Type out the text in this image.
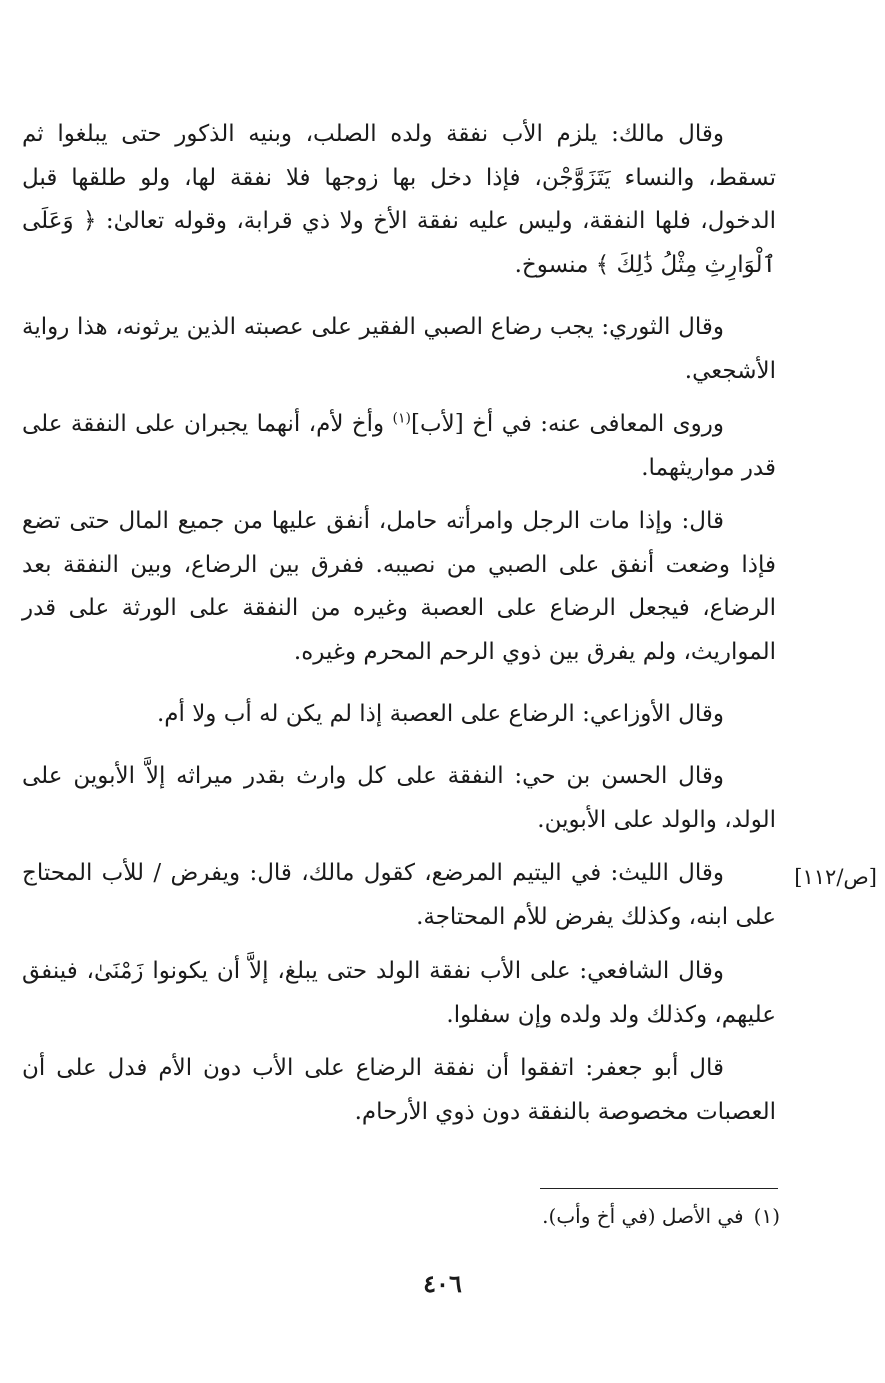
وقال مالك: يلزم الأب نفقة ولده الصلب، وبنيه الذكور حتى يبلغوا ثم تسقط، والنساء يَتَزَوَّجْن، فإذا دخل بها زوجها فلا نفقة لها، ولو طلقها قبل الدخول، فلها النفقة، وليس عليه نفقة الأخ ولا ذي قرابة، وقوله تعالىٰ: ﴿ وَعَلَى ٱلْوَارِثِ مِثْلُ ذَٰلِكَ ﴾ منسوخ.

وقال الثوري: يجب رضاع الصبي الفقير على عصبته الذين يرثونه، هذا رواية الأشجعي.

وروى المعافى عنه: في أخ [لأب]$^{(١)}$ وأخ لأم، أنهما يجبران على النفقة على قدر مواريثهما.

قال: وإذا مات الرجل وامرأته حامل، أنفق عليها من جميع المال حتى تضع فإذا وضعت أنفق على الصبي من نصيبه. ففرق بين الرضاع، وبين النفقة بعد الرضاع، فيجعل الرضاع على العصبة وغيره من النفقة على الورثة على قدر المواريث، ولم يفرق بين ذوي الرحم المحرم وغيره.

وقال الأوزاعي: الرضاع على العصبة إذا لم يكن له أب ولا أم.

وقال الحسن بن حي: النفقة على كل وارث بقدر ميراثه إلاَّ الأبوين على الولد، والولد على الأبوين.

[ص/١١٢]

وقال الليث: في اليتيم المرضع، كقول مالك، قال: ويفرض / للأب المحتاج على ابنه، وكذلك يفرض للأم المحتاجة.

وقال الشافعي: على الأب نفقة الولد حتى يبلغ، إلاَّ أن يكونوا زَمْنَىٰ، فينفق عليهم، وكذلك ولد ولده وإن سفلوا.

قال أبو جعفر: اتفقوا أن نفقة الرضاع على الأب دون الأم فدل على أن العصبات مخصوصة بالنفقة دون ذوي الأرحام.

(١)في الأصل (في أخ وأب).
٤٠٦
